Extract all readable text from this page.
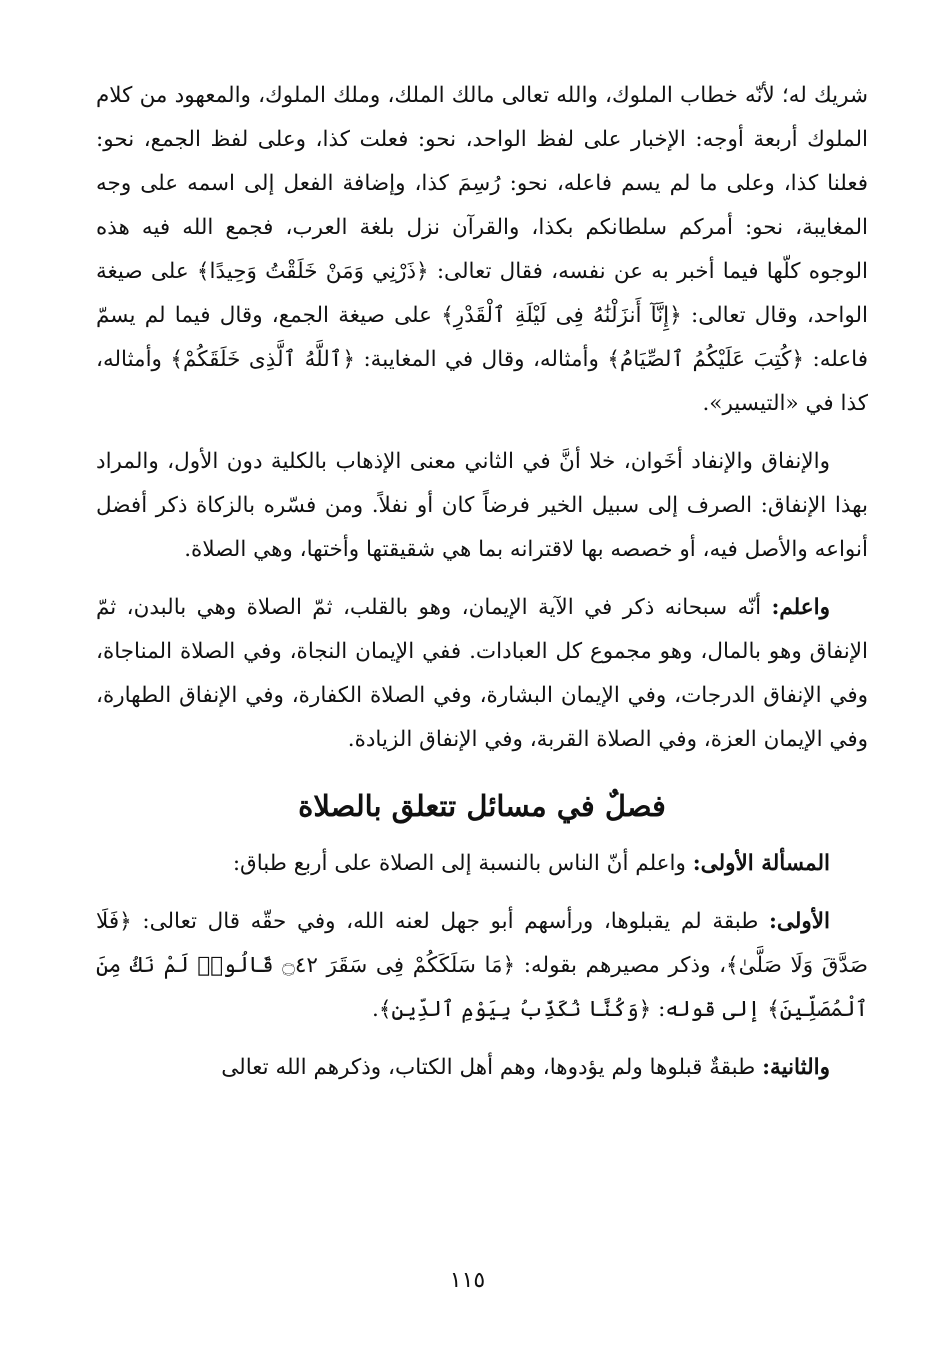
شريك له؛ لأنّه خطاب الملوك، والله تعالى مالك الملك، وملك الملوك، والمعهود من كلام الملوك أربعة أوجه: الإخبار على لفظ الواحد، نحو: فعلت كذا، وعلى لفظ الجمع، نحو: فعلنا كذا، وعلى ما لم يسم فاعله، نحو: رُسِمَ كذا، وإضافة الفعل إلى اسمه على وجه المغايبة، نحو: أمركم سلطانكم بكذا، والقرآن نزل بلغة العرب، فجمع الله فيه هذه الوجوه كلّها فيما أخبر به عن نفسه، فقال تعالى: ﴿ذَرْنِي وَمَنْ خَلَقْتُ وَحِيدًا﴾ على صيغة الواحد، وقال تعالى: ﴿إِنَّآ أَنزَلْنَٰهُ فِى لَيْلَةِ ٱلْقَدْرِ﴾ على صيغة الجمع، وقال فيما لم يسمّ فاعله: ﴿كُتِبَ عَلَيْكُمُ ٱلصِّيَامُ﴾ وأمثاله، وقال في المغايبة: ﴿ٱللَّهُ ٱلَّذِى خَلَقَكُمْ﴾ وأمثاله، كذا في «التيسير».

والإنفاق والإنفاد أخَوان، خلا أنَّ في الثاني معنى الإذهاب بالكلية دون الأول، والمراد بهذا الإنفاق: الصرف إلى سبيل الخير فرضاً كان أو نفلاً. ومن فسّره بالزكاة ذكر أفضل أنواعه والأصل فيه، أو خصصه بها لاقترانه بما هي شقيقتها وأختها، وهي الصلاة.

واعلم: أنّه سبحانه ذكر في الآية الإيمان، وهو بالقلب، ثمّ الصلاة وهي بالبدن، ثمّ الإنفاق وهو بالمال، وهو مجموع كل العبادات. ففي الإيمان النجاة، وفي الصلاة المناجاة، وفي الإنفاق الدرجات، وفي الإيمان البشارة، وفي الصلاة الكفارة، وفي الإنفاق الطهارة، وفي الإيمان العزة، وفي الصلاة القربة، وفي الإنفاق الزيادة.

فصلٌ في مسائل تتعلق بالصلاة

المسألة الأولى: واعلم أنّ الناس بالنسبة إلى الصلاة على أربع طباق:

الأولى: طبقة لم يقبلوها، ورأسهم أبو جهل لعنه الله، وفي حقّه قال تعالى: ﴿فَلَا صَدَّقَ وَلَا صَلَّىٰ﴾، وذكر مصيرهم بقوله: ﴿مَا سَلَكَكُمْ فِى سَقَرَ ۝٤٢ قَالُوا۟ لَمْ نَكُ مِنَ ٱلْمُصَلِّينَ﴾ إلى قوله: ﴿وَكُنَّا نُكَذِّبُ بِيَوْمِ ٱلدِّينِ﴾.

والثانية: طبقةٌ قبلوها ولم يؤدوها، وهم أهل الكتاب، وذكرهم الله تعالى

١١٥
